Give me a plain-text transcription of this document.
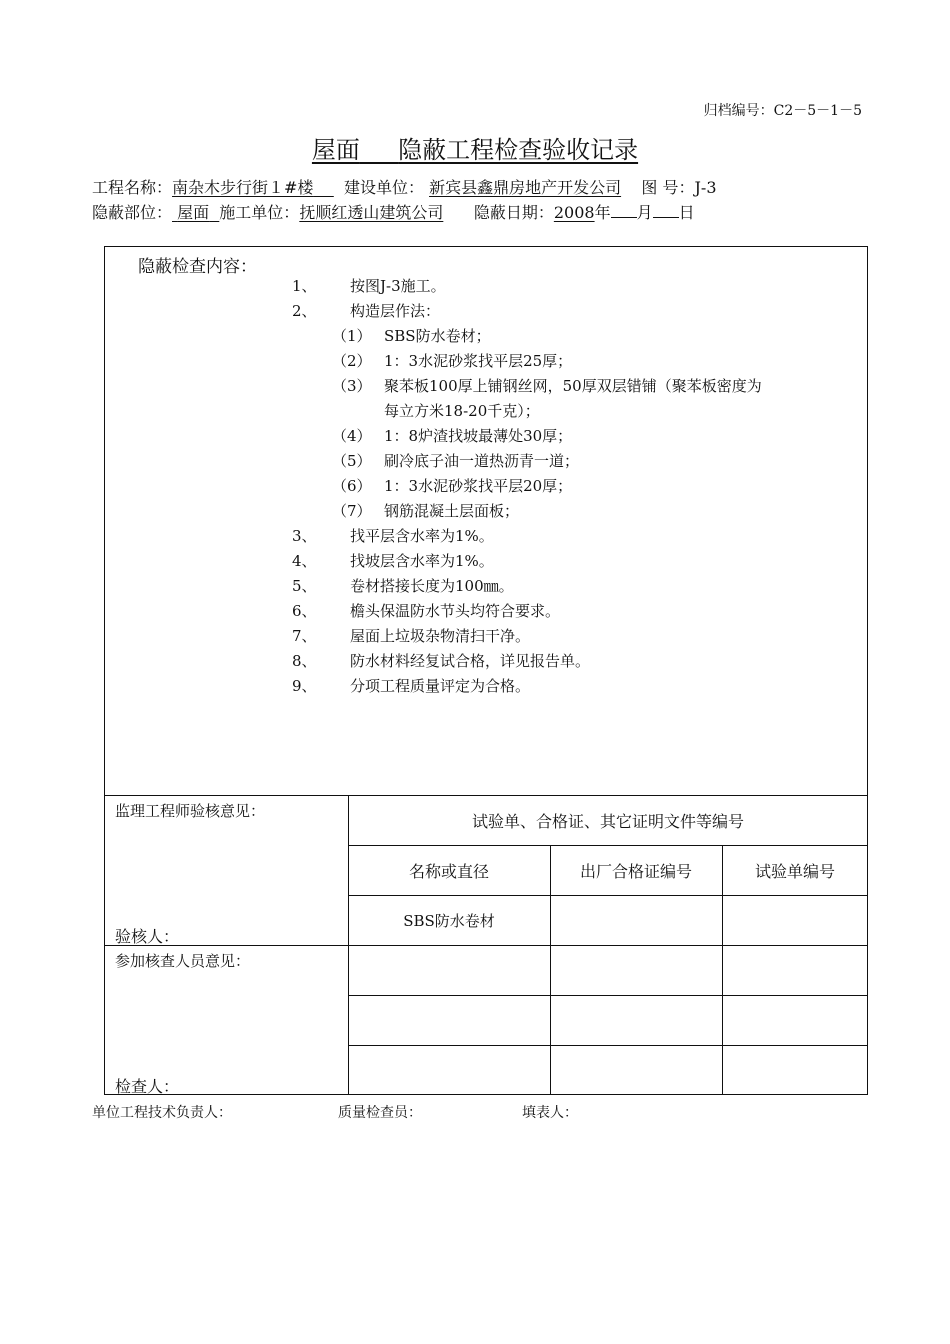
归档编号：C2－5－1－5
屋面 隐蔽工程检查验收记录
工程名称：南杂木步行街１#楼 建设单位： 新宾县鑫鼎房地产开发公司 图 号：J-3
隐蔽部位： 屋面 施工单位：抚顺红透山建筑公司 隐蔽日期：2008年 月 日
隐蔽检查内容：
1、 按图J-3施工。
2、 构造层作法：
（1） SBS防水卷材；
（2） 1：3水泥砂浆找平层25厚；
（3） 聚苯板100厚上铺钢丝网，50厚双层错铺（聚苯板密度为
每立方米18-20千克）；
（4） 1：8炉渣找坡最薄处30厚；
（5） 刷冷底子油一道热沥青一道；
（6） 1：3水泥砂浆找平层20厚；
（7） 钢筋混凝土层面板；
3、 找平层含水率为1%。
4、 找坡层含水率为1%。
5、 卷材搭接长度为100㎜。
6、 檐头保温防水节头均符合要求。
7、 屋面上垃圾杂物清扫干净。
8、 防水材料经复试合格，详见报告单。
9、 分项工程质量评定为合格。
监理工程师验核意见：
验核人：
参加核查人员意见：
检查人：
试验单、合格证、其它证明文件等编号
名称或直径	出厂合格证编号	试验单编号
SBS防水卷材
单位工程技术负责人：	质量检查员：	填表人：
